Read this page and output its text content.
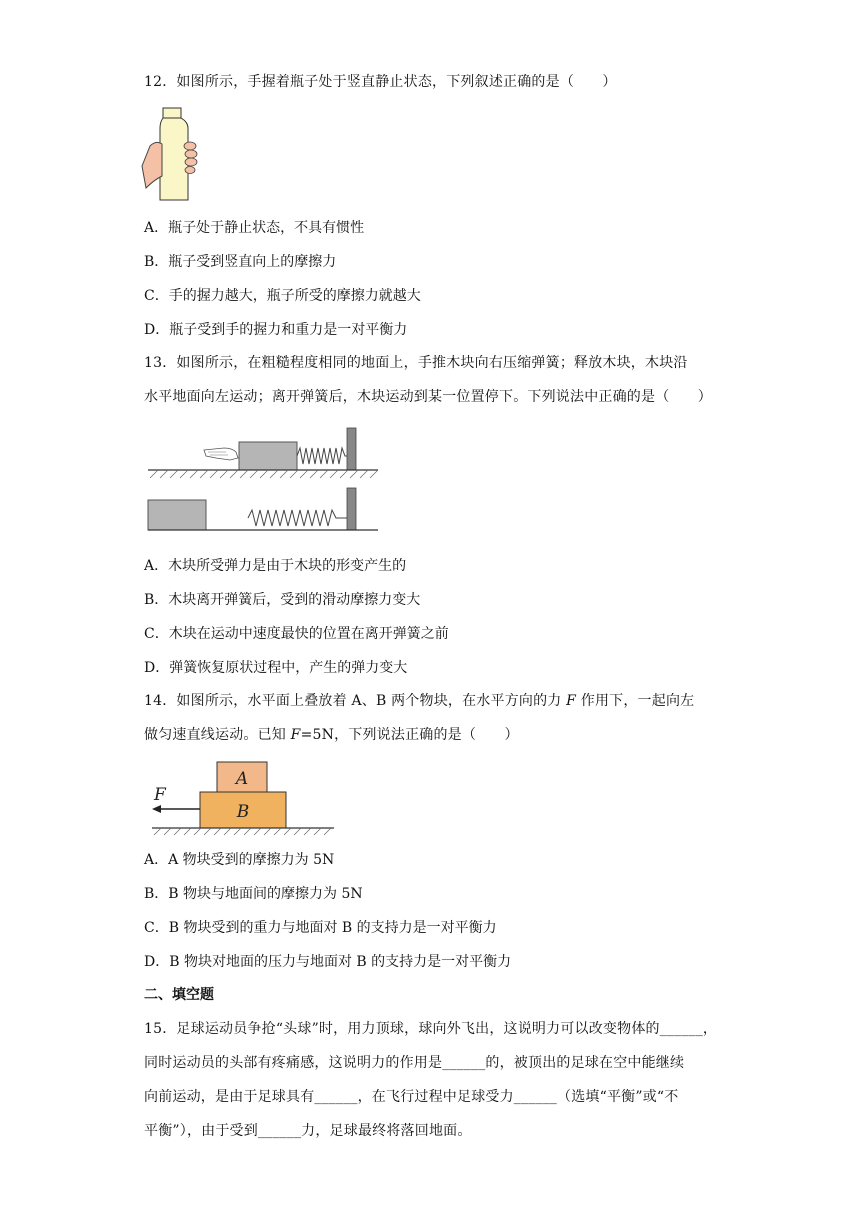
12．如图所示，手握着瓶子处于竖直静止状态，下列叙述正确的是（　　）
A．瓶子处于静止状态，不具有惯性
B．瓶子受到竖直向上的摩擦力
C．手的握力越大，瓶子所受的摩擦力就越大
D．瓶子受到手的握力和重力是一对平衡力
13．如图所示，在粗糙程度相同的地面上，手推木块向右压缩弹簧；释放木块，木块沿
水平地面向左运动；离开弹簧后，木块运动到某一位置停下。下列说法中正确的是（　　）
A．木块所受弹力是由于木块的形变产生的
B．木块离开弹簧后，受到的滑动摩擦力变大
C．木块在运动中速度最快的位置在离开弹簧之前
D．弹簧恢复原状过程中，产生的弹力变大
14．如图所示，水平面上叠放着 A、B 两个物块，在水平方向的力 F 作用下，一起向左
做匀速直线运动。已知 F=5N，下列说法正确的是（　　）
A
B
F
A．A 物块受到的摩擦力为 5N
B．B 物块与地面间的摩擦力为 5N
C．B 物块受到的重力与地面对 B 的支持力是一对平衡力
D．B 物块对地面的压力与地面对 B 的支持力是一对平衡力
二、填空题
15．足球运动员争抢“头球”时，用力顶球，球向外飞出，这说明力可以改变物体的______，
同时运动员的头部有疼痛感，这说明力的作用是______的，被顶出的足球在空中能继续
向前运动，是由于足球具有______，在飞行过程中足球受力______（选填“平衡”或“不
平衡”），由于受到______力，足球最终将落回地面。
